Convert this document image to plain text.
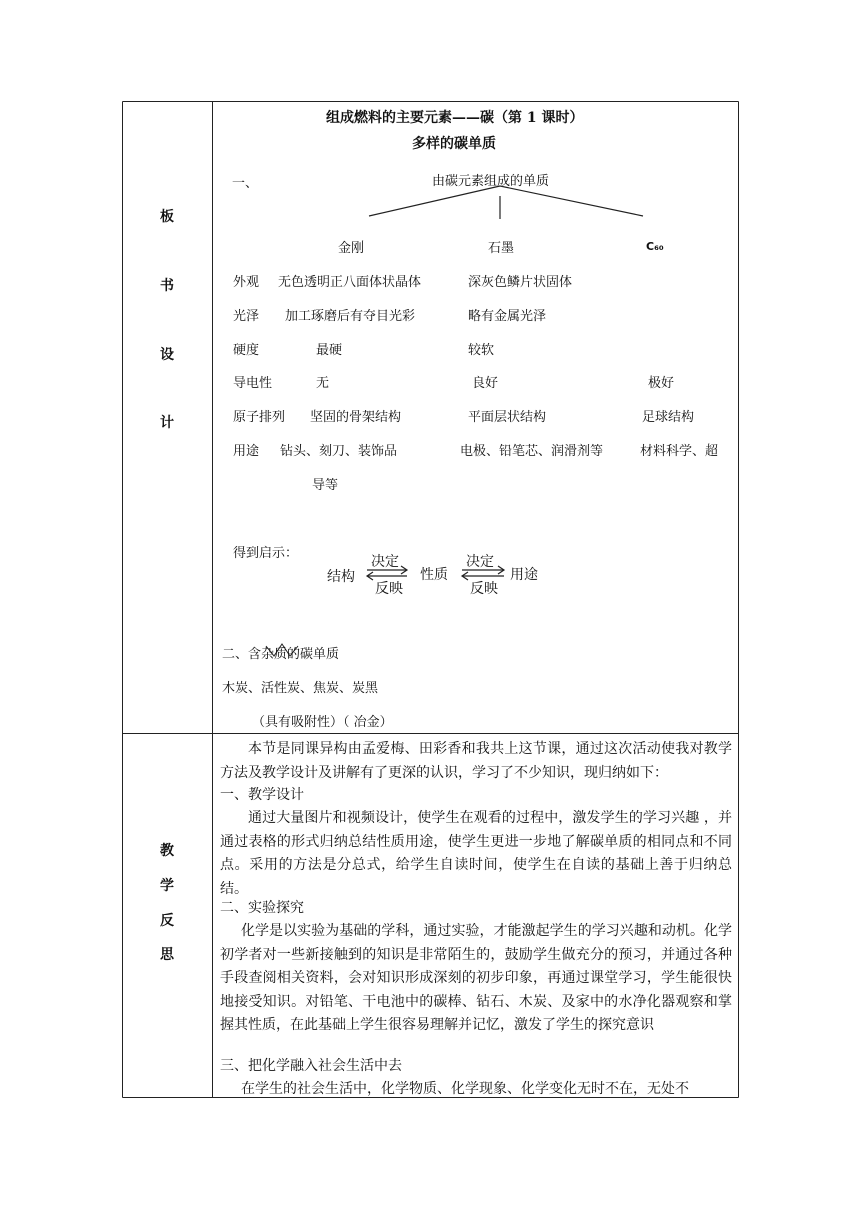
板
书
设
计
教
学
反
思
组成燃料的主要元素——碳（第 1 课时）
多样的碳单质
一、	由碳元素组成的单质
金刚	石墨	C₆₀
外观 无色透明正八面体状晶体	深灰色鳞片状固体
光泽 加工琢磨后有夺目光彩	略有金属光泽
硬度	最硬	较软
导电性	无	良好	极好
原子排列 坚固的骨架结构	平面层状结构	足球结构
用途 钻头、刻刀、装饰品	电极、铅笔芯、润滑剂等	材料科学、超
导等
得到启示：
决定
结构
反映
性质
决定
反映
用途
二、含杂质的碳单质
木炭、活性炭、焦炭、炭黑
（具有吸附性）（ 冶金）
本节是同课异构由孟爱梅、田彩香和我共上这节课，通过这次活动使我对教学方法及教学设计及讲解有了更深的认识，学习了不少知识，现归纳如下：
一、教学设计
通过大量图片和视频设计，使学生在观看的过程中，激发学生的学习兴趣 ，并通过表格的形式归纳总结性质用途，使学生更进一步地了解碳单质的相同点和不同点。采用的方法是分总式，给学生自读时间，使学生在自读的基础上善于归纳总结。
二、实验探究
化学是以实验为基础的学科，通过实验，才能激起学生的学习兴趣和动机。化学初学者对一些新接触到的知识是非常陌生的，鼓励学生做充分的预习，并通过各种手段查阅相关资料，会对知识形成深刻的初步印象，再通过课堂学习，学生能很快地接受知识。对铅笔、干电池中的碳棒、钻石、木炭、及家中的水净化器观察和掌握其性质，在此基础上学生很容易理解并记忆，激发了学生的探究意识
三、把化学融入社会生活中去
在学生的社会生活中，化学物质、化学现象、化学变化无时不在，无处不
